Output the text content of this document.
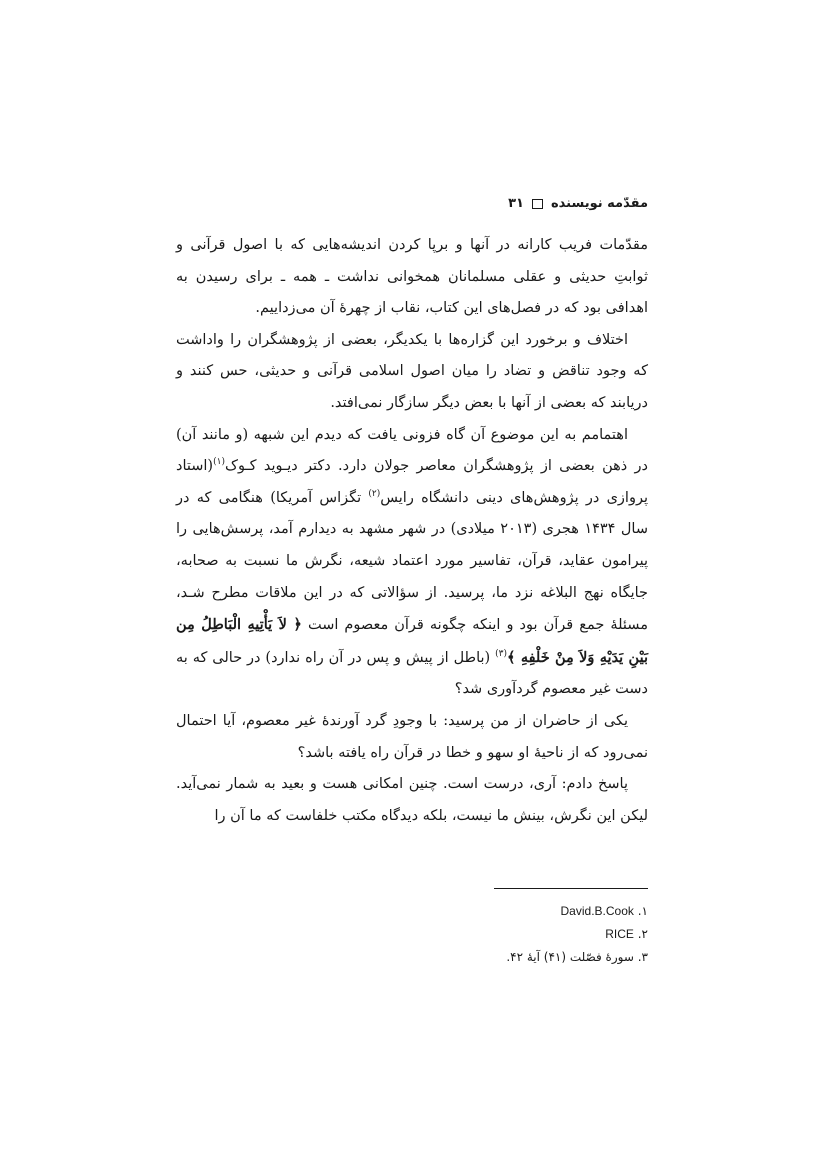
مقدّمه نویسنده
۳۱

مقدّمات فریب کارانه در آنها و برپا کردن اندیشه‌هایی که با اصول قرآنی و ثوابتِ حدیثی و عقلی مسلمانان همخوانی نداشت ـ همه ـ برای رسیدن به اهدافی بود که در فصل‌های این کتاب، نقاب از چهرهٔ آن می‌زداییم.

اختلاف و برخورد این گزاره‌ها با یکدیگر، بعضی از پژوهشگران را واداشت که وجود تناقض و تضاد را میان اصول اسلامی قرآنی و حدیثی، حس کنند و دریابند که بعضی از آنها با بعض دیگر سازگار نمی‌افتد.

اهتمامم به این موضوع آن گاه فزونی یافت که دیدم این شبهه (و مانند آن) در ذهن بعضی از پژوهشگران معاصر جولان دارد. دکتر دیـوید کـوک$^{(۱)}$(استاد پروازی در پژوهش‌های دینی دانشگاه رایس$^{(۲)}$ تگزاس آمریکا) هنگامی که در سال ۱۴۳۴ هجری (۲۰۱۳ میلادی) در شهر مشهد به دیدارم آمد، پرسش‌هایی را پیرامون عقاید، قرآن، تفاسیر مورد اعتماد شیعه، نگرش ما نسبت به صحابه، جایگاه نهج البلاغه نزد ما، پرسید. از سؤالاتی که در این ملاقات مطرح شـد، مسئلهٔ جمع قرآن بود و اینکه چگونه قرآن معصوم است ﴿ لاَ یَأْتِیهِ الْبَاطِلُ مِن بَیْنِ یَدَیْهِ وَلاَ مِنْ خَلْفِهِ ﴾$^{(۳)}$ (باطل از پیش و پس در آن راه ندارد) در حالی که به دست غیر معصوم گردآوری شد؟

یکی از حاضران از من پرسید: با وجودِ گرد آورندهٔ غیر معصوم، آیا احتمال نمی‌رود که از ناحیهٔ او سهو و خطا در قرآن راه یافته باشد؟

پاسخ دادم: آری، درست است. چنین امکانی هست و بعید به شمار نمی‌آید. لیکن این نگرش، بینش ما نیست، بلکه دیدگاه مکتب خلفاست که ما آن را

۱. David.B.Cook
۲. RICE
۳. سورهٔ فصّلت (۴۱) آیهٔ ۴۲.
